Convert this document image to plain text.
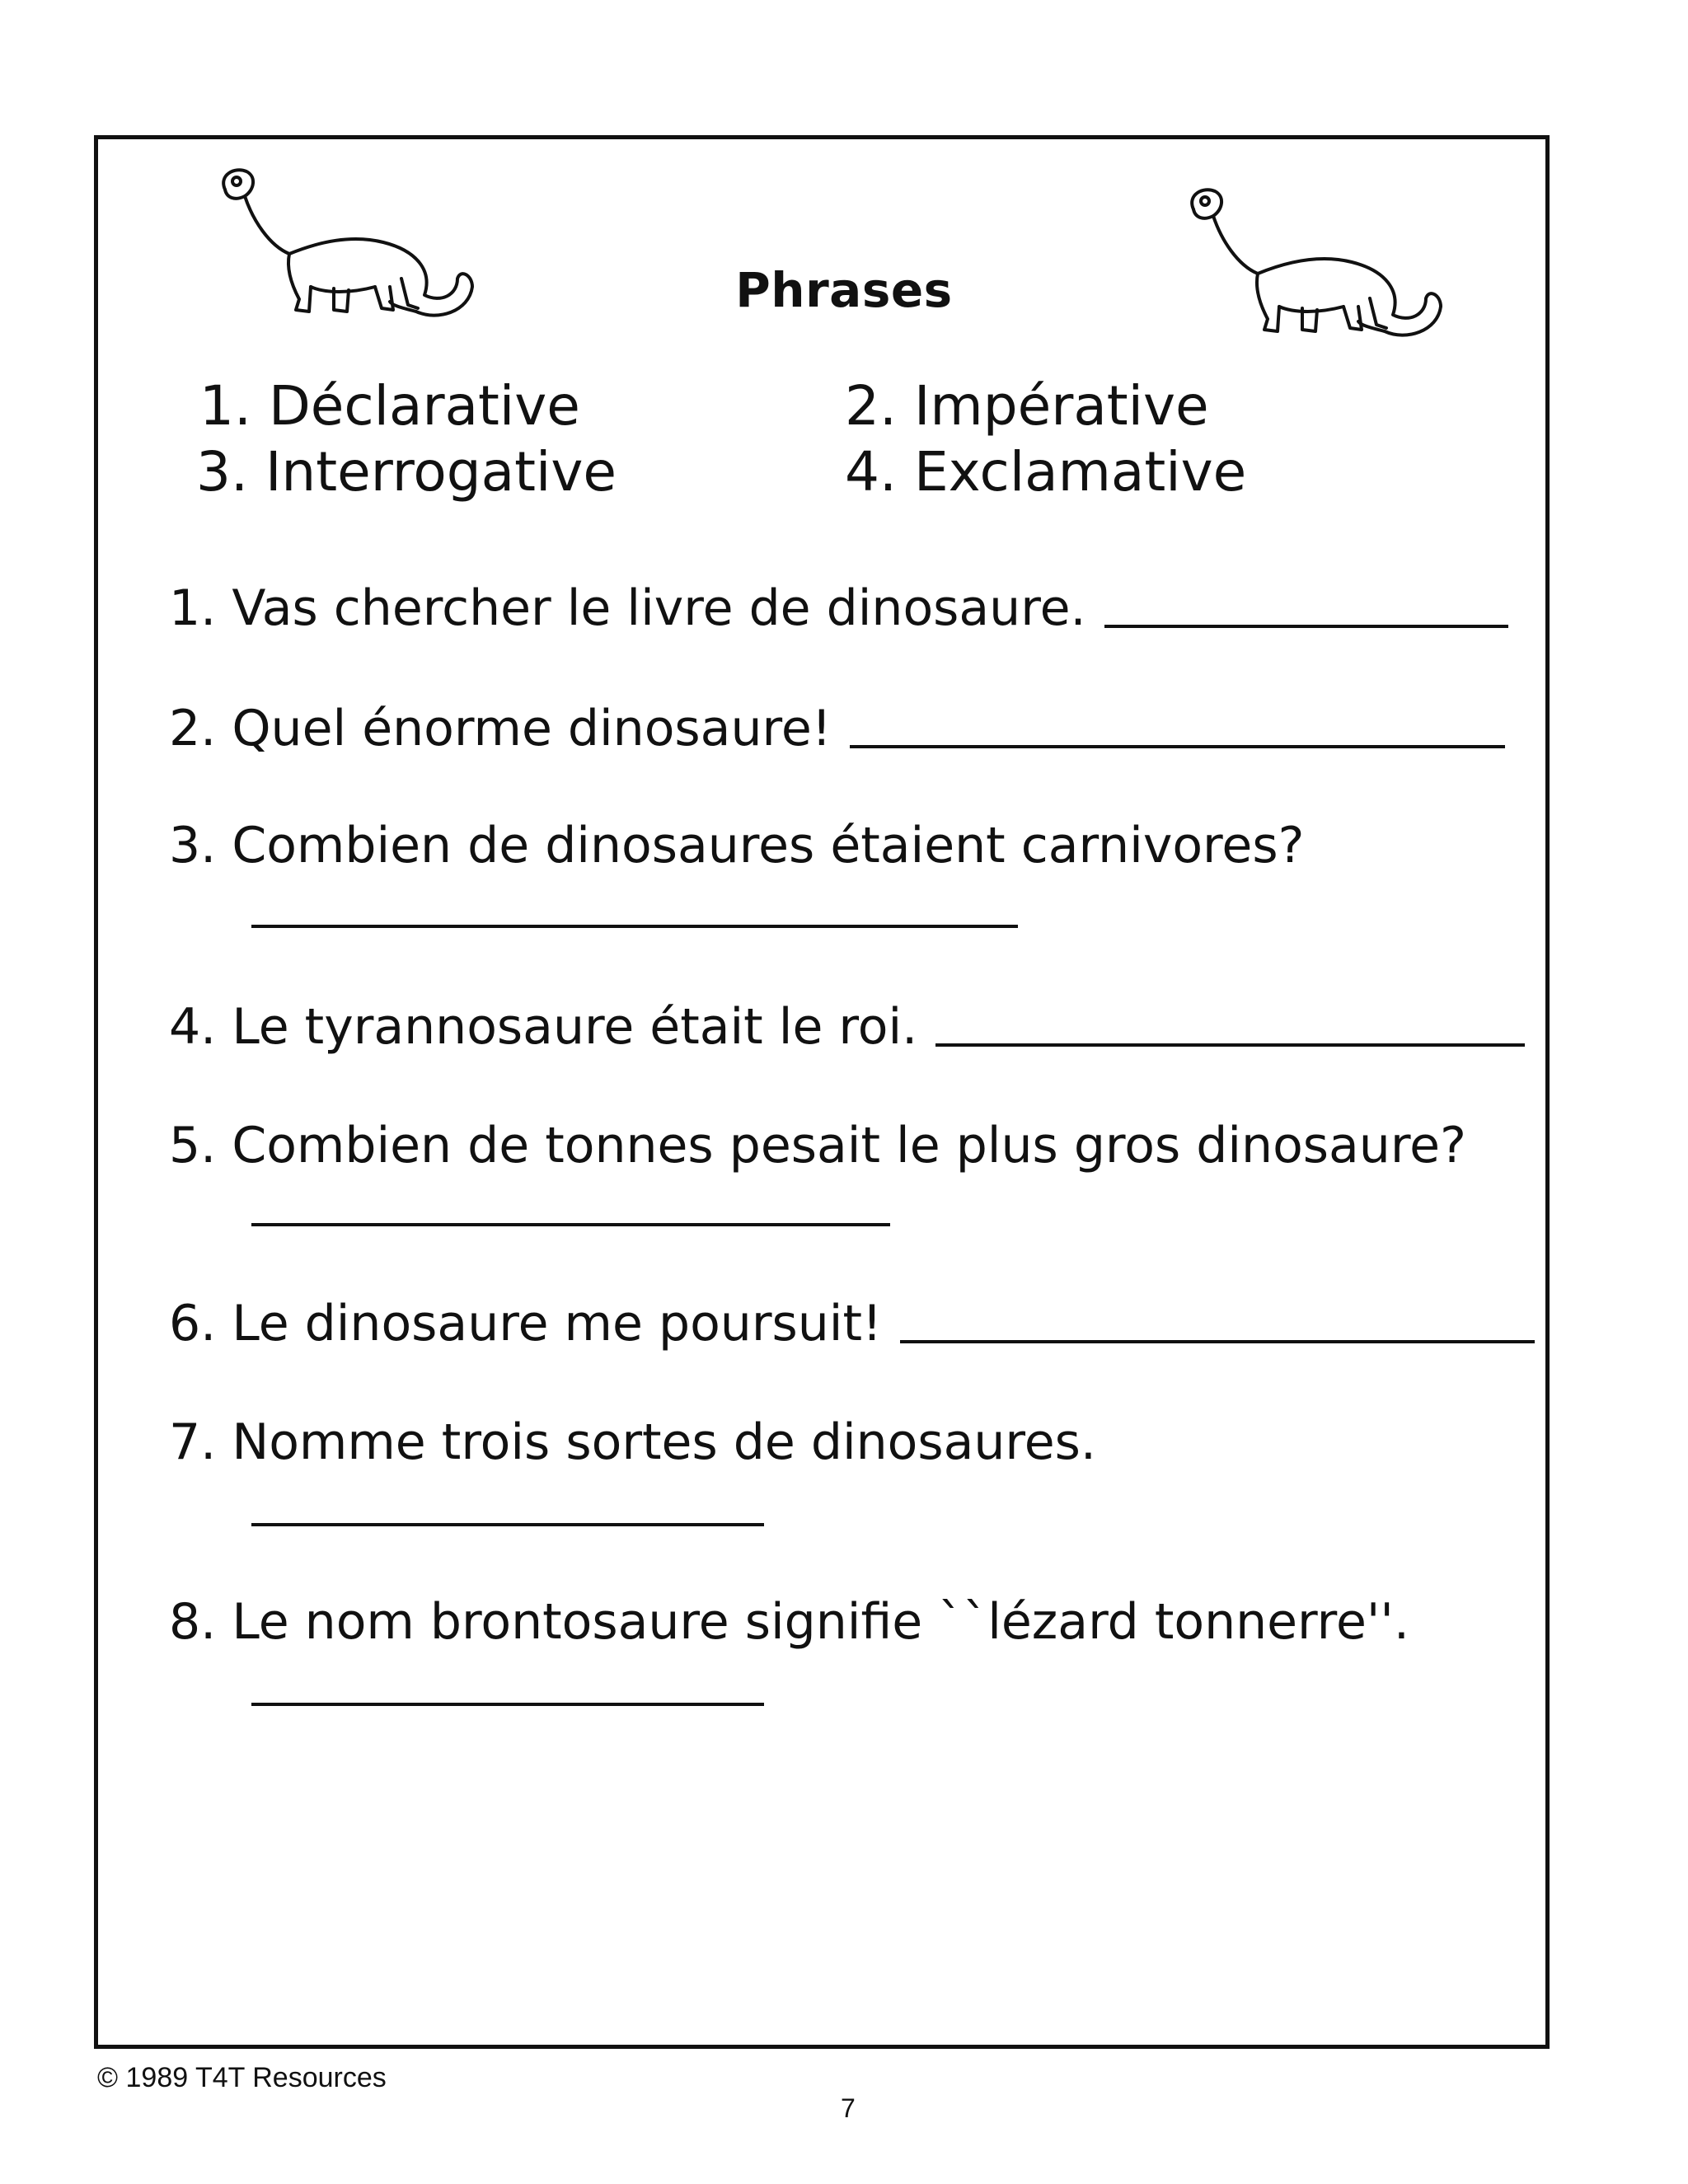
Phrases
1. Déclarative	2. Impérative
3. Interrogative	4. Exclamative
1. Vas chercher le livre de dinosaure.
2. Quel énorme dinosaure!
3. Combien de dinosaures étaient carnivores?
4. Le tyrannosaure était le roi.
5. Combien de tonnes pesait le plus gros dinosaure?
6. Le dinosaure me poursuit!
7. Nomme trois sortes de dinosaures.
8. Le nom brontosaure signifie ``lézard tonnerre''.
© 1989 T4T Resources
7
